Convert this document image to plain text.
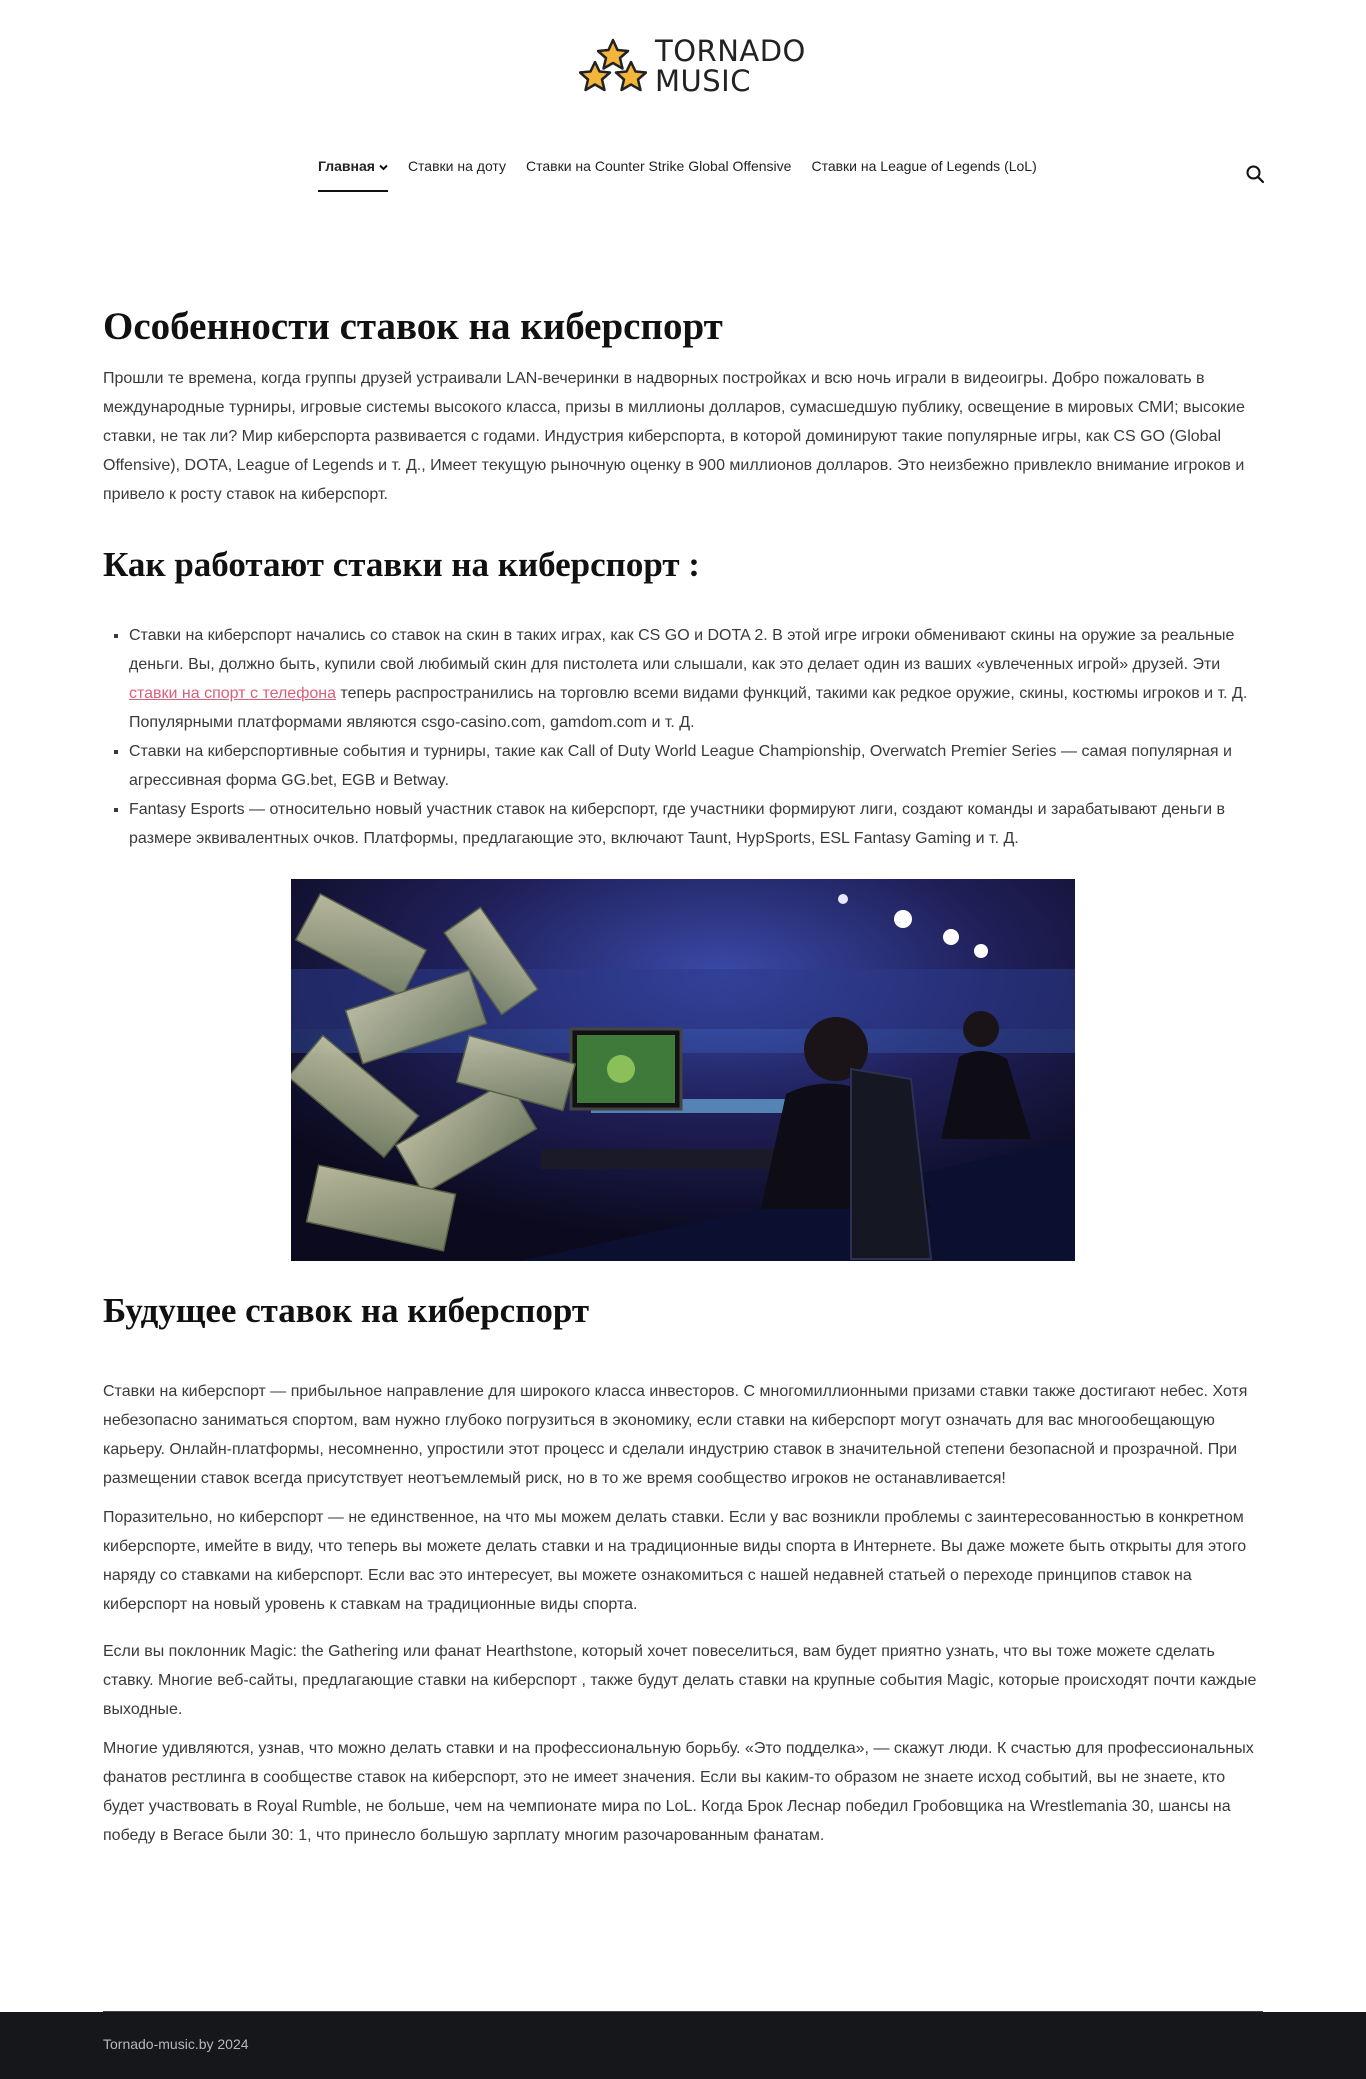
TORNADO
MUSIC
Главная	Ставки на доту Ставки на Counter Strike Global Offensive Ставки на League of Legends (LoL)
Особенности ставок на киберспорт

Прошли те времена, когда группы друзей устраивали LAN-вечеринки в надворных постройках и всю ночь играли в видеоигры. Добро пожаловать в международные турниры, игровые системы высокого класса, призы в миллионы долларов, сумасшедшую публику, освещение в мировых СМИ; высокие ставки, не так ли? Мир киберспорта развивается с годами. Индустрия киберспорта, в которой доминируют такие популярные игры, как CS GO (Global Offensive), DOTA, League of Legends и т. Д., Имеет текущую рыночную оценку в 900 миллионов долларов. Это неизбежно привлекло внимание игроков и привело к росту ставок на киберспорт.

Как работают ставки на киберспорт :
▪ Ставки на киберспорт начались со ставок на скин в таких играх, как CS GO и DOTA 2. В этой игре игроки обменивают скины на оружие за реальные деньги. Вы, должно быть, купили свой любимый скин для пистолета или слышали, как это делает один из ваших «увлеченных игрой» друзей. Эти ставки на спорт с телефона теперь распространились на торговлю всеми видами функций, такими как редкое оружие, скины, костюмы игроков и т. Д. Популярными платформами являются csgo-casino.com, gamdom.com и т. Д.
▪ Ставки на киберспортивные события и турниры, такие как Call of Duty World League Championship, Overwatch Premier Series — самая популярная и агрессивная форма GG.bet, EGB и Betway.
▪ Fantasy Esports — относительно новый участник ставок на киберспорт, где участники формируют лиги, создают команды и зарабатывают деньги в размере эквивалентных очков. Платформы, предлагающие это, включают Taunt, HypSports, ESL Fantasy Gaming и т. Д.
Будущее ставок на киберспорт

Ставки на киберспорт — прибыльное направление для широкого класса инвесторов. С многомиллионными призами ставки также достигают небес. Хотя небезопасно заниматься спортом, вам нужно глубоко погрузиться в экономику, если ставки на киберспорт могут означать для вас многообещающую карьеру. Онлайн-платформы, несомненно, упростили этот процесс и сделали индустрию ставок в значительной степени безопасной и прозрачной. При размещении ставок всегда присутствует неотъемлемый риск, но в то же время сообщество игроков не останавливается!

Поразительно, но киберспорт — не единственное, на что мы можем делать ставки. Если у вас возникли проблемы с заинтересованностью в конкретном киберспорте, имейте в виду, что теперь вы можете делать ставки и на традиционные виды спорта в Интернете. Вы даже можете быть открыты для этого наряду со ставками на киберспорт. Если вас это интересует, вы можете ознакомиться с нашей недавней статьей о переходе принципов ставок на киберспорт на новый уровень к ставкам на традиционные виды спорта.

Если вы поклонник Magic: the Gathering или фанат Hearthstone, который хочет повеселиться, вам будет приятно узнать, что вы тоже можете сделать ставку. Многие веб-сайты, предлагающие ставки на киберспорт , также будут делать ставки на крупные события Magic, которые происходят почти каждые выходные.

Многие удивляются, узнав, что можно делать ставки и на профессиональную борьбу. «Это подделка», — скажут люди. К счастью для профессиональных фанатов рестлинга в сообществе ставок на киберспорт, это не имеет значения. Если вы каким-то образом не знаете исход событий, вы не знаете, кто будет участвовать в Royal Rumble, не больше, чем на чемпионате мира по LoL. Когда Брок Леснар победил Гробовщика на Wrestlemania 30, шансы на победу в Вегасе были 30: 1, что принесло большую зарплату многим разочарованным фанатам.

Tornado-music.by 2024
